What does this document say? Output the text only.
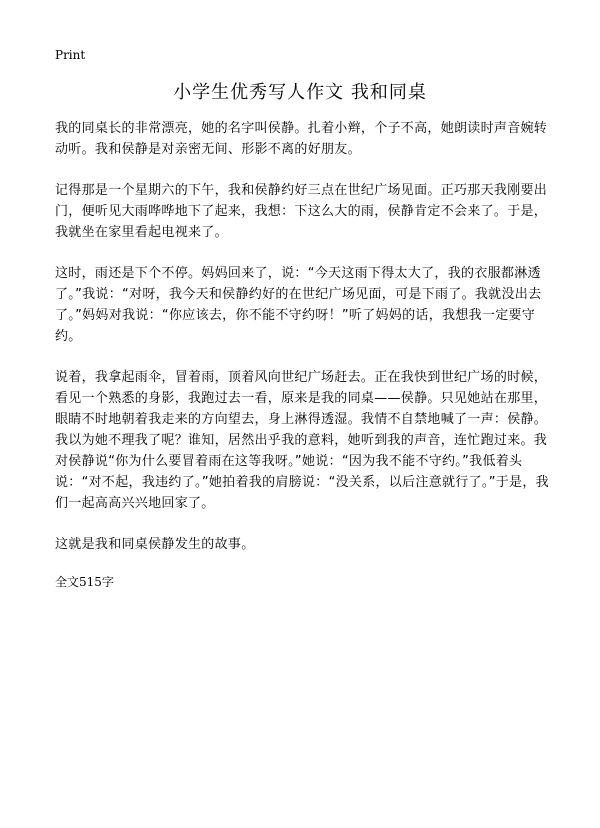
Print
小学生优秀写人作文 我和同桌

我的同桌长的非常漂亮，她的名字叫侯静。扎着小辫，个子不高，她朗读时声音婉转动听。我和侯静是对亲密无间、形影不离的好朋友。

记得那是一个星期六的下午，我和侯静约好三点在世纪广场见面。正巧那天我刚要出门，便听见大雨哗哗地下了起来，我想：下这么大的雨，侯静肯定不会来了。于是，我就坐在家里看起电视来了。

这时，雨还是下个不停。妈妈回来了，说：“今天这雨下得太大了，我的衣服都淋透了。”我说：“对呀，我今天和侯静约好的在世纪广场见面，可是下雨了。我就没出去了。”妈妈对我说：“你应该去，你不能不守约呀！”听了妈妈的话，我想我一定要守约。

说着，我拿起雨伞，冒着雨，顶着风向世纪广场赶去。正在我快到世纪广场的时候，看见一个熟悉的身影，我跑过去一看，原来是我的同桌——侯静。只见她站在那里，眼睛不时地朝着我走来的方向望去，身上淋得透湿。我情不自禁地喊了一声：侯静。我以为她不理我了呢？谁知，居然出乎我的意料，她听到我的声音，连忙跑过来。我对侯静说“你为什么要冒着雨在这等我呀。”她说：“因为我不能不守约。”我低着头说：“对不起，我违约了。”她拍着我的肩膀说：“没关系，以后注意就行了。”于是，我们一起高高兴兴地回家了。

这就是我和同桌侯静发生的故事。

全文515字
